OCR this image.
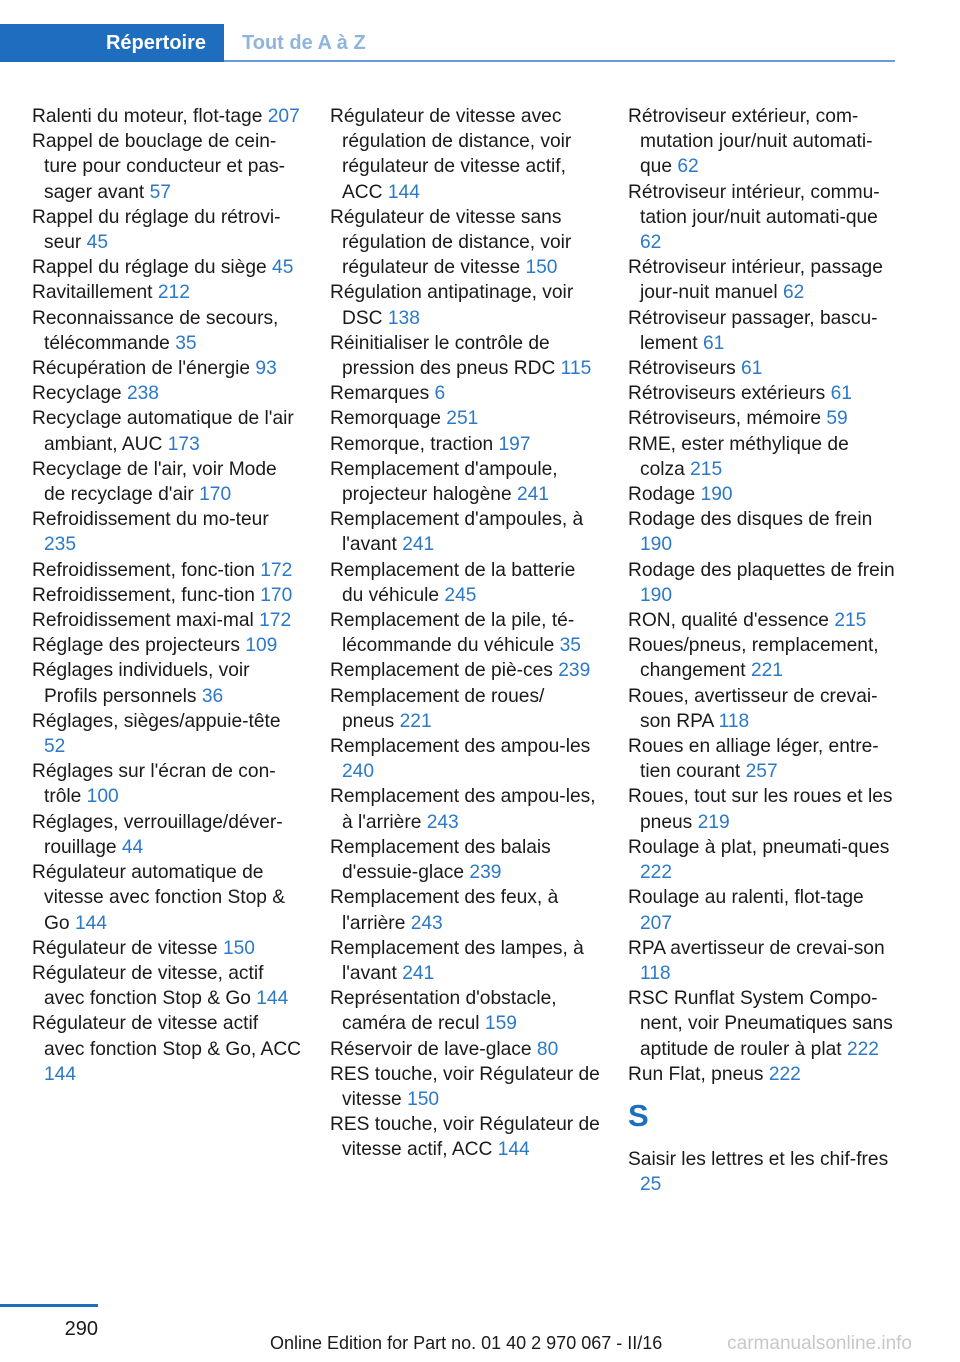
Répertoire	Tout de A à Z
Ralenti du moteur, flot-tage 207
Rappel de bouclage de cein-ture pour conducteur et pas-sager avant 57
Rappel du réglage du rétrovi-seur 45
Rappel du réglage du siège 45
Ravitaillement 212
Reconnaissance de secours, télécommande 35
Récupération de l'énergie 93
Recyclage 238
Recyclage automatique de l'air ambiant, AUC 173
Recyclage de l'air, voir Mode de recyclage d'air 170
Refroidissement du mo-teur 235
Refroidissement, fonc-tion 172
Refroidissement, func-tion 170
Refroidissement maxi-mal 172
Réglage des projecteurs 109
Réglages individuels, voir Profils personnels 36
Réglages, sièges/appuie-tête 52
Réglages sur l'écran de con-trôle 100
Réglages, verrouillage/déver-rouillage 44
Régulateur automatique de vitesse avec fonction Stop & Go 144
Régulateur de vitesse 150
Régulateur de vitesse, actif avec fonction Stop & Go 144
Régulateur de vitesse actif avec fonction Stop & Go, ACC 144
Régulateur de vitesse avec régulation de distance, voir régulateur de vitesse actif, ACC 144
Régulateur de vitesse sans régulation de distance, voir régulateur de vitesse 150
Régulation antipatinage, voir DSC 138
Réinitialiser le contrôle de pression des pneus RDC 115
Remarques 6
Remorquage 251
Remorque, traction 197
Remplacement d'ampoule, projecteur halogène 241
Remplacement d'ampoules, à l'avant 241
Remplacement de la batterie du véhicule 245
Remplacement de la pile, té-lécommande du véhicule 35
Remplacement de piè-ces 239
Remplacement de roues/ pneus 221
Remplacement des ampou-les 240
Remplacement des ampou-les, à l'arrière 243
Remplacement des balais d'essuie-glace 239
Remplacement des feux, à l'arrière 243
Remplacement des lampes, à l'avant 241
Représentation d'obstacle, caméra de recul 159
Réservoir de lave-glace 80
RES touche, voir Régulateur de vitesse 150
RES touche, voir Régulateur de vitesse actif, ACC 144
Rétroviseur extérieur, com-mutation jour/nuit automati-que 62
Rétroviseur intérieur, commu-tation jour/nuit automati-que 62
Rétroviseur intérieur, passage jour-nuit manuel 62
Rétroviseur passager, bascu-lement 61
Rétroviseurs 61
Rétroviseurs extérieurs 61
Rétroviseurs, mémoire 59
RME, ester méthylique de colza 215
Rodage 190
Rodage des disques de frein 190
Rodage des plaquettes de frein 190
RON, qualité d'essence 215
Roues/pneus, remplacement, changement 221
Roues, avertisseur de crevai-son RPA 118
Roues en alliage léger, entre-tien courant 257
Roues, tout sur les roues et les pneus 219
Roulage à plat, pneumati-ques 222
Roulage au ralenti, flot-tage 207
RPA avertisseur de crevai-son 118
RSC Runflat System Compo-nent, voir Pneumatiques sans aptitude de rouler à plat 222
Run Flat, pneus 222
S
Saisir les lettres et les chif-fres 25
290
Online Edition for Part no. 01 40 2 970 067 - II/16	carmanualsonline.info
